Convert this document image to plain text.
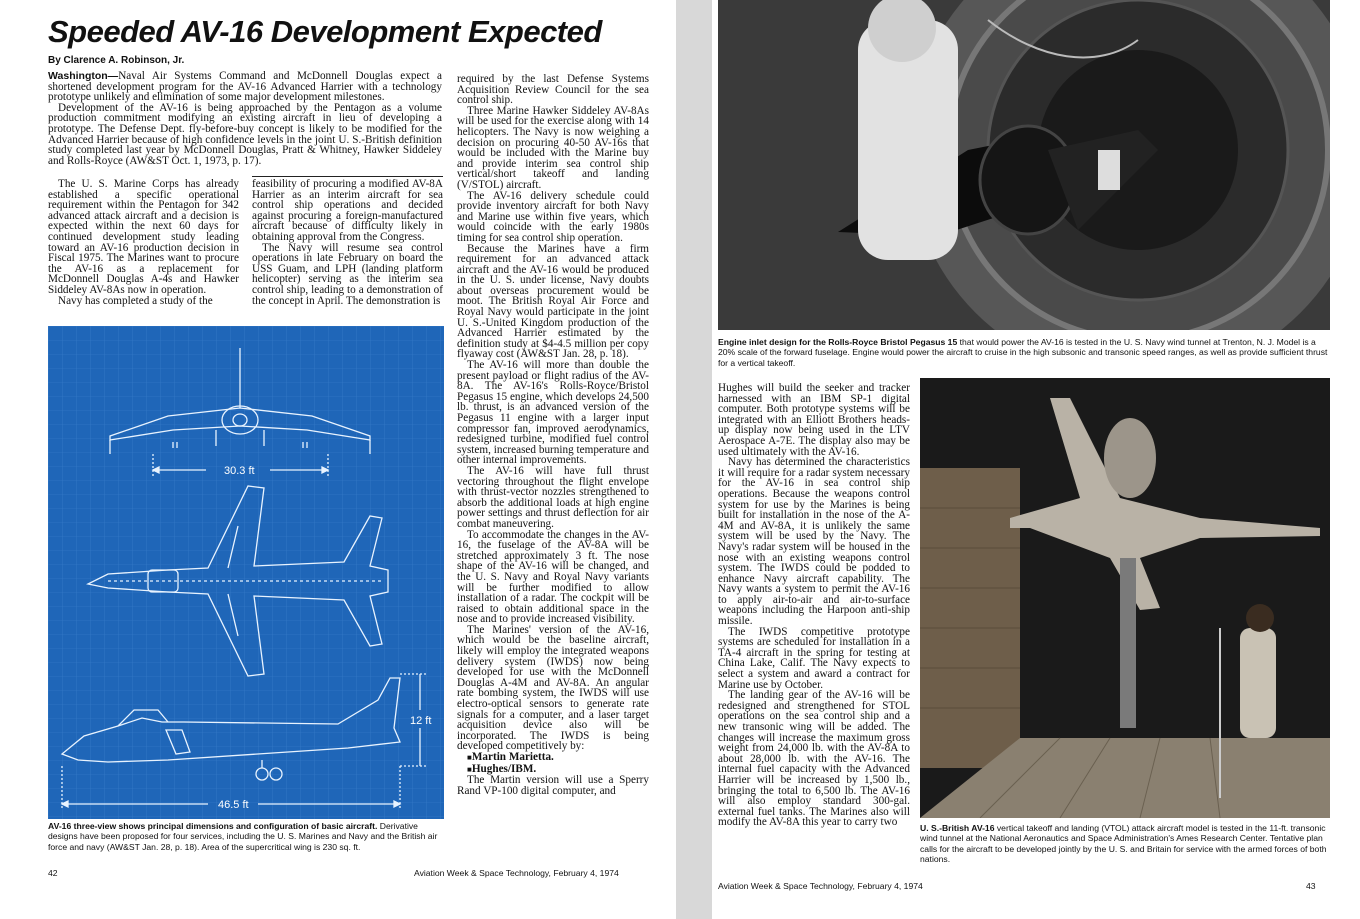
Speeded AV-16 Development Expected
By Clarence A. Robinson, Jr.

Washington—Naval Air Systems Command and McDonnell Douglas expect a shortened development program for the AV-16 Advanced Harrier with a technology prototype unlikely and elimination of some major development milestones.

Development of the AV-16 is being approached by the Pentagon as a volume production commitment modifying an existing aircraft in lieu of developing a prototype. The Defense Dept. fly-before-buy concept is likely to be modified for the Advanced Harrier because of high confidence levels in the joint U. S.-British definition study completed last year by McDonnell Douglas, Pratt & Whitney, Hawker Siddeley and Rolls-Royce (AW&ST Oct. 1, 1973, p. 17).

The U. S. Marine Corps has already established a specific operational requirement within the Pentagon for 342 advanced attack aircraft and a decision is expected within the next 60 days for continued development study leading toward an AV-16 production decision in Fiscal 1975. The Marines want to procure the AV-16 as a replacement for McDonnell Douglas A-4s and Hawker Siddeley AV-8As now in operation.

Navy has completed a study of the

feasibility of procuring a modified AV-8A Harrier as an interim aircraft for sea control ship operations and decided against procuring a foreign-manufactured aircraft because of difficulty likely in obtaining approval from the Congress.

The Navy will resume sea control operations in late February on board the USS Guam, and LPH (landing platform helicopter) serving as the interim sea control ship, leading to a demonstration of the concept in April. The demonstration is

required by the last Defense Systems Acquisition Review Council for the sea control ship.

Three Marine Hawker Siddeley AV-8As will be used for the exercise along with 14 helicopters. The Navy is now weighing a decision on procuring 40-50 AV-16s that would be included with the Marine buy and provide interim sea control ship vertical/short takeoff and landing (V/STOL) aircraft.

The AV-16 delivery schedule could provide inventory aircraft for both Navy and Marine use within five years, which would coincide with the early 1980s timing for sea control ship operation.

Because the Marines have a firm requirement for an advanced attack aircraft and the AV-16 would be produced in the U. S. under license, Navy doubts about overseas procurement would be moot. The British Royal Air Force and Royal Navy would participate in the joint U. S.-United Kingdom production of the Advanced Harrier estimated by the definition study at $4-4.5 million per copy flyaway cost (AW&ST Jan. 28, p. 18).

The AV-16 will more than double the present payload or flight radius of the AV-8A. The AV-16's Rolls-Royce/Bristol Pegasus 15 engine, which develops 24,500 lb. thrust, is an advanced version of the Pegasus 11 engine with a larger input compressor fan, improved aerodynamics, redesigned turbine, modified fuel control system, increased burning temperature and other internal improvements.

The AV-16 will have full thrust vectoring throughout the flight envelope with thrust-vector nozzles strengthened to absorb the additional loads at high engine power settings and thrust deflection for air combat maneuvering.

To accommodate the changes in the AV-16, the fuselage of the AV-8A will be stretched approximately 3 ft. The nose shape of the AV-16 will be changed, and the U. S. Navy and Royal Navy variants will be further modified to allow installation of a radar. The cockpit will be raised to obtain additional space in the nose and to provide increased visibility.

The Marines' version of the AV-16, which would be the baseline aircraft, likely will employ the integrated weapons delivery system (IWDS) now being developed for use with the McDonnell Douglas A-4M and AV-8A. An angular rate bombing system, the IWDS will use electro-optical sensors to generate rate signals for a computer, and a laser target acquisition device also will be incorporated. The IWDS is being developed competitively by:

■ Martin Marietta.
■ Hughes/IBM.

The Martin version will use a Sperry Rand VP-100 digital computer, and

30.3 ft
12 ft
46.5 ft
AV-16 three-view shows principal dimensions and configuration of basic aircraft. Derivative designs have been proposed for four services, including the U. S. Marines and Navy and the British air force and navy (AW&ST Jan. 28, p. 18). Area of the supercritical wing is 230 sq. ft.
42	Aviation Week & Space Technology, February 4, 1974
Engine inlet design for the Rolls-Royce Bristol Pegasus 15 that would power the AV-16 is tested in the U. S. Navy wind tunnel at Trenton, N. J. Model is a 20% scale of the forward fuselage. Engine would power the aircraft to cruise in the high subsonic and transonic speed ranges, as well as provide sufficient thrust for a vertical takeoff.

Hughes will build the seeker and tracker harnessed with an IBM SP-1 digital computer. Both prototype systems will be integrated with an Elliott Brothers heads-up display now being used in the LTV Aerospace A-7E. The display also may be used ultimately with the AV-16.

Navy has determined the characteristics it will require for a radar system necessary for the AV-16 in sea control ship operations. Because the weapons control system for use by the Marines is being built for installation in the nose of the A-4M and AV-8A, it is unlikely the same system will be used by the Navy. The Navy's radar system will be housed in the nose with an existing weapons control system. The IWDS could be podded to enhance Navy aircraft capability. The Navy wants a system to permit the AV-16 to apply air-to-air and air-to-surface weapons including the Harpoon anti-ship missile.

The IWDS competitive prototype systems are scheduled for installation in a TA-4 aircraft in the spring for testing at China Lake, Calif. The Navy expects to select a system and award a contract for Marine use by October.

The landing gear of the AV-16 will be redesigned and strengthened for STOL operations on the sea control ship and a new transonic wing will be added. The changes will increase the maximum gross weight from 24,000 lb. with the AV-8A to about 28,000 lb. with the AV-16. The internal fuel capacity with the Advanced Harrier will be increased by 1,500 lb., bringing the total to 6,500 lb. The AV-16 will also employ standard 300-gal. external fuel tanks. The Marines also will modify the AV-8A this year to carry two	U. S.-British AV-16 vertical takeoff and landing (VTOL) attack aircraft model is tested in the 11-ft. transonic wind tunnel at the National Aeronautics and Space Administration's Ames Research Center. Tentative plan calls for the aircraft to be developed jointly by the U. S. and Britain for service with the armed forces of both nations.
Aviation Week & Space Technology, February 4, 1974	43
